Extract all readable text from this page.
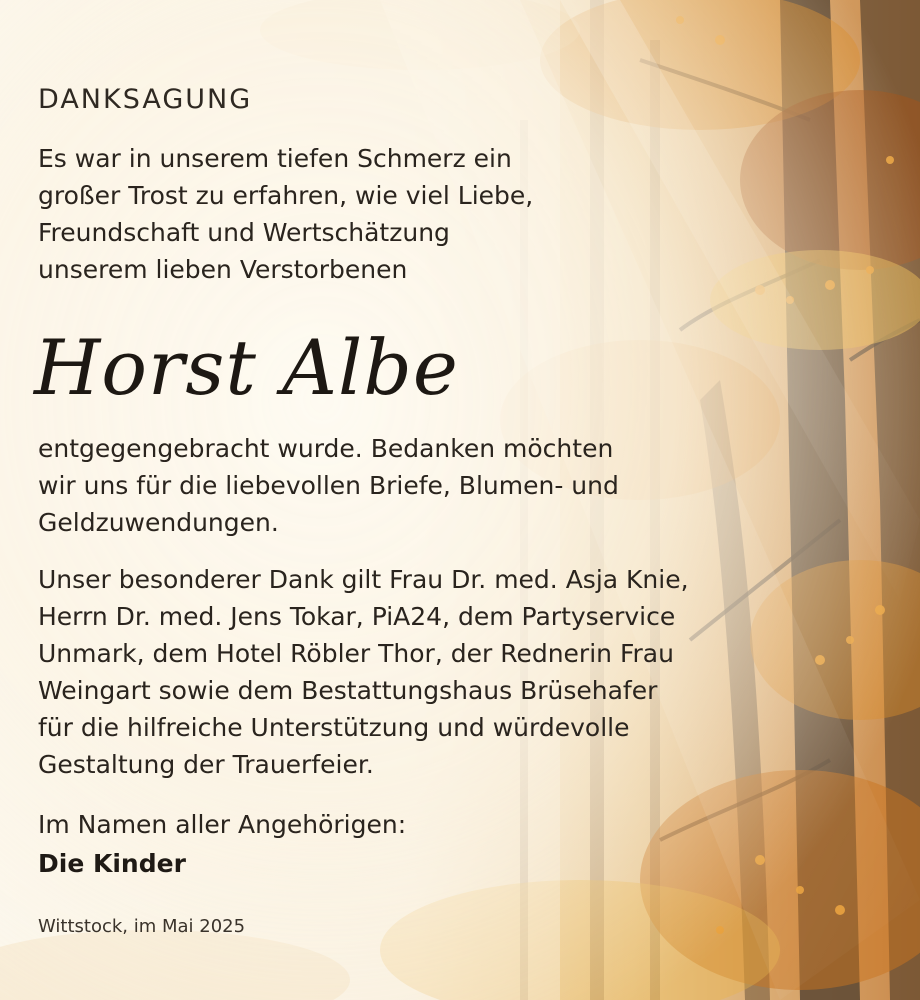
DANKSAGUNG

Es war in unserem tiefen Schmerz ein
großer Trost zu erfahren, wie viel Liebe,
Freundschaft und Wertschätzung
unserem lieben Verstorbenen

Horst Albe

entgegengebracht wurde. Bedanken möchten
wir uns für die liebevollen Briefe, Blumen- und
Geldzuwendungen.

Unser besonderer Dank gilt Frau Dr. med. Asja Knie,
Herrn Dr. med. Jens Tokar, PiA24, dem Partyservice
Unmark, dem Hotel Röbler Thor, der Rednerin Frau
Weingart sowie dem Bestattungshaus Brüsehafer
für die hilfreiche Unterstützung und würdevolle
Gestaltung der Trauerfeier.

Im Namen aller Angehörigen:

Die Kinder

Wittstock, im Mai 2025
